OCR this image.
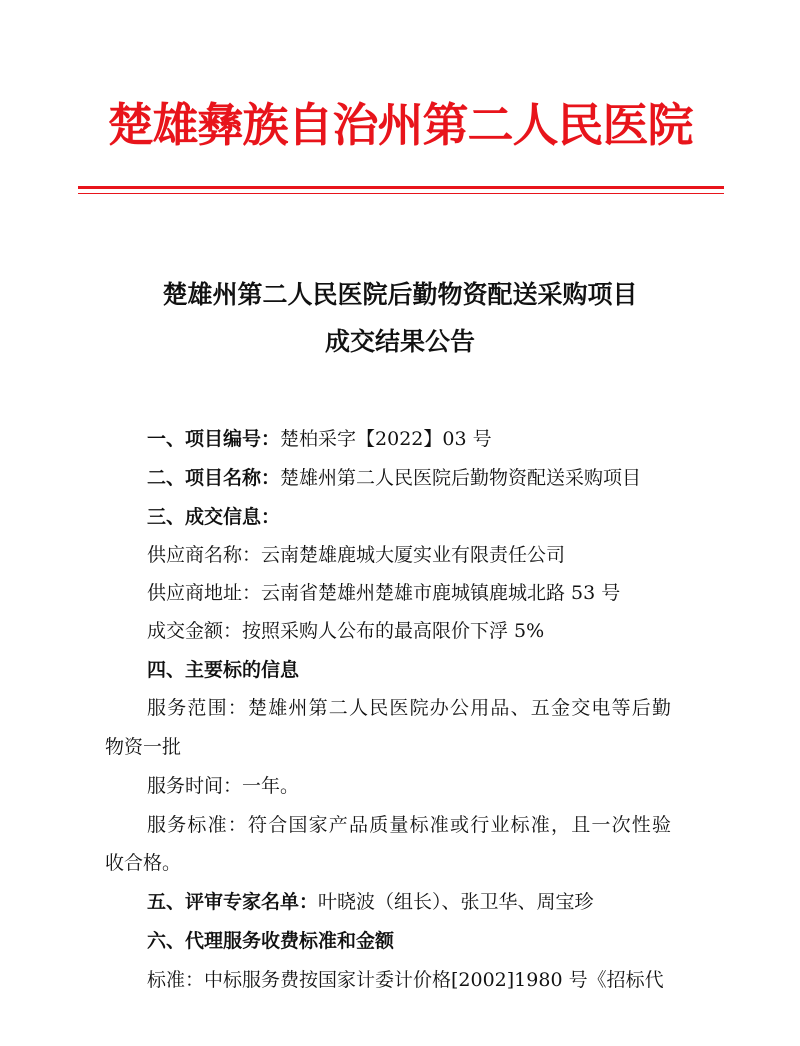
楚雄彝族自治州第二人民医院
楚雄州第二人民医院后勤物资配送采购项目
成交结果公告
一、项目编号：楚柏采字【2022】03 号
二、项目名称：楚雄州第二人民医院后勤物资配送采购项目
三、成交信息：
供应商名称：云南楚雄鹿城大厦实业有限责任公司
供应商地址：云南省楚雄州楚雄市鹿城镇鹿城北路 53 号
成交金额：按照采购人公布的最高限价下浮 5%
四、主要标的信息
服务范围：楚雄州第二人民医院办公用品、五金交电等后勤
物资一批
服务时间：一年。
服务标准：符合国家产品质量标准或行业标准，且一次性验
收合格。
五、评审专家名单：叶晓波（组长）、张卫华、周宝珍
六、代理服务收费标准和金额
标准：中标服务费按国家计委计价格[2002]1980 号《招标代
